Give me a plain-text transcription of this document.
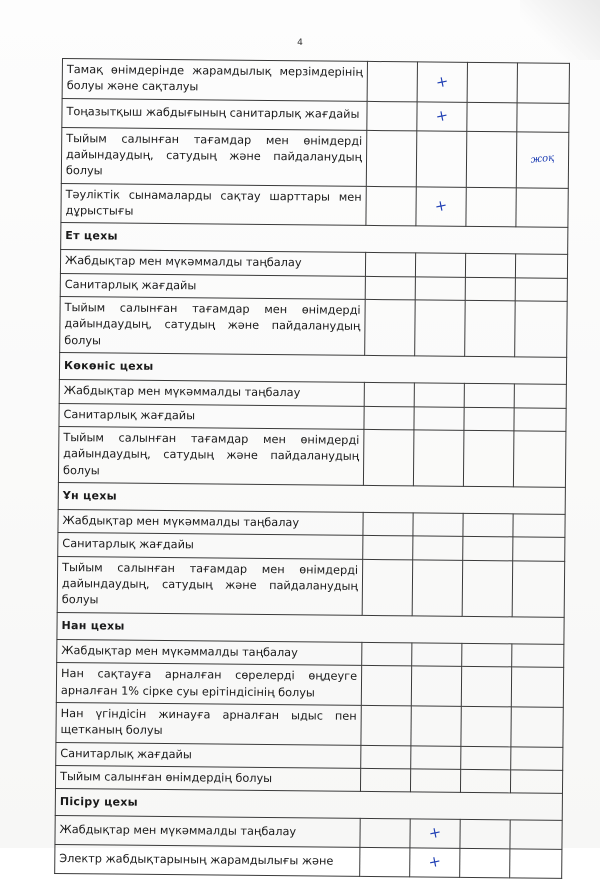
4
Тамақ өнімдерінде жарамдылық мерзімдерінің болуы және сақталуы		+		

Тоңазытқыш жабдығының санитарлық жағдайы		+		

Тыйым салынған тағамдар мен өнімдерді дайындаудың, сатудың және пайдаланудың болуы				жоқ

Тәуліктік сынамаларды сақтау шарттары мен дұрыстығы		+		

Ет цехы				
Жабдықтар мен мүкәммалды таңбалау	

Санитарлық жағдайы	

Тыйым салынған тағамдар мен өнімдерді дайындаудың, сатудың және пайдаланудың болуы	

Көкөніс цехы				
Жабдықтар мен мүкәммалды таңбалау	

Санитарлық жағдайы	

Тыйым салынған тағамдар мен өнімдерді дайындаудың, сатудың және пайдаланудың болуы	

Ұн цехы				
Жабдықтар мен мүкәммалды таңбалау	

Санитарлық жағдайы	

Тыйым салынған тағамдар мен өнімдерді дайындаудың, сатудың және пайдаланудың болуы	

Нан цехы				
Жабдықтар мен мүкәммалды таңбалау	

Нан сақтауға арналған сөрелерді өңдеуге арналған 1% сірке суы ерітіндісінің болуы	

Нан үгіндісін жинауға арналған ыдыс пен щетканың болуы	

Санитарлық жағдайы	

Тыйым салынған өнімдердің болуы	

Пісіру цехы				
Жабдықтар мен мүкәммалды таңбалау		+		

Электр жабдықтарының жарамдылығы және		+		
